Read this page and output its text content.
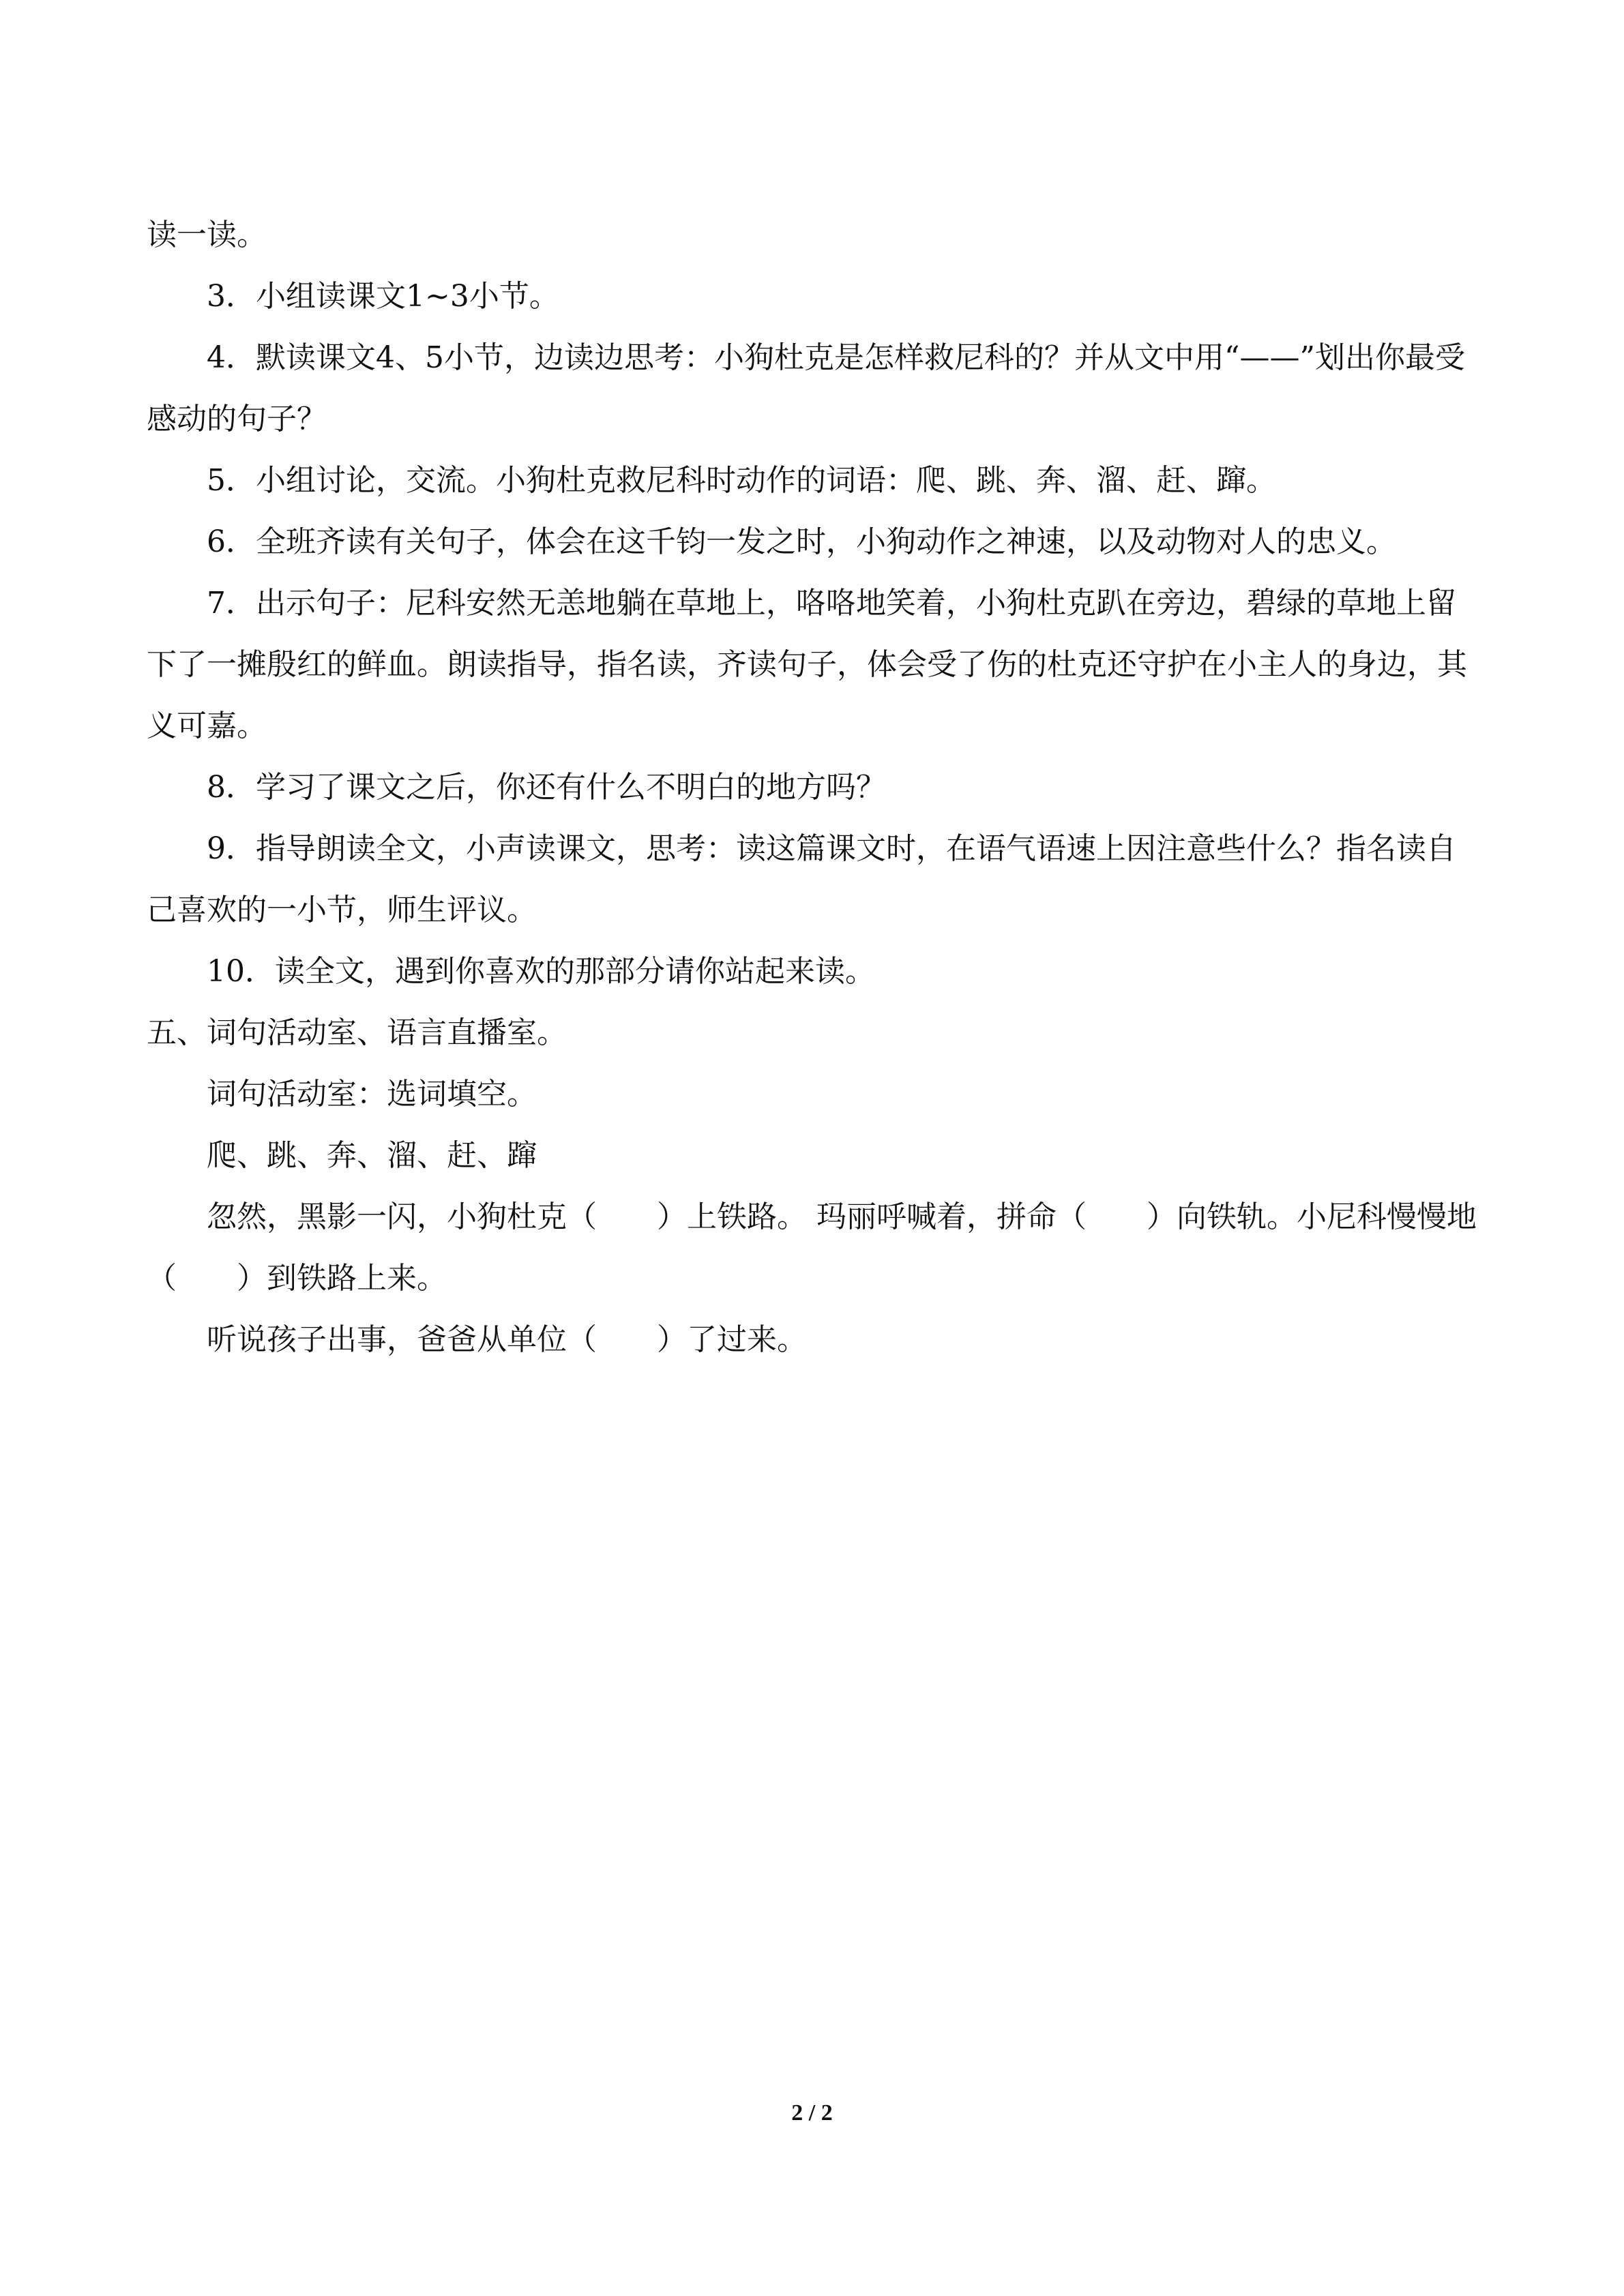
读一读。

3．小组读课文1~3小节。

4．默读课文4、5小节，边读边思考：小狗杜克是怎样救尼科的？并从文中用“——”划出你最受感动的句子？

5．小组讨论，交流。小狗杜克救尼科时动作的词语：爬、跳、奔、溜、赶、蹿。

6．全班齐读有关句子，体会在这千钧一发之时，小狗动作之神速，以及动物对人的忠义。

7．出示句子：尼科安然无恙地躺在草地上，咯咯地笑着，小狗杜克趴在旁边，碧绿的草地上留下了一摊殷红的鲜血。朗读指导，指名读，齐读句子，体会受了伤的杜克还守护在小主人的身边，其义可嘉。

8．学习了课文之后，你还有什么不明白的地方吗？

9．指导朗读全文，小声读课文，思考：读这篇课文时，在语气语速上因注意些什么？指名读自己喜欢的一小节，师生评议。

10．读全文，遇到你喜欢的那部分请你站起来读。

五、词句活动室、语言直播室。

词句活动室：选词填空。

爬、跳、奔、溜、赶、蹿

忽然，黑影一闪，小狗杜克（　　）上铁路。 玛丽呼喊着，拼命（　　）向铁轨。小尼科慢慢地（　　）到铁路上来。

听说孩子出事，爸爸从单位（　　）了过来。

2 / 2
